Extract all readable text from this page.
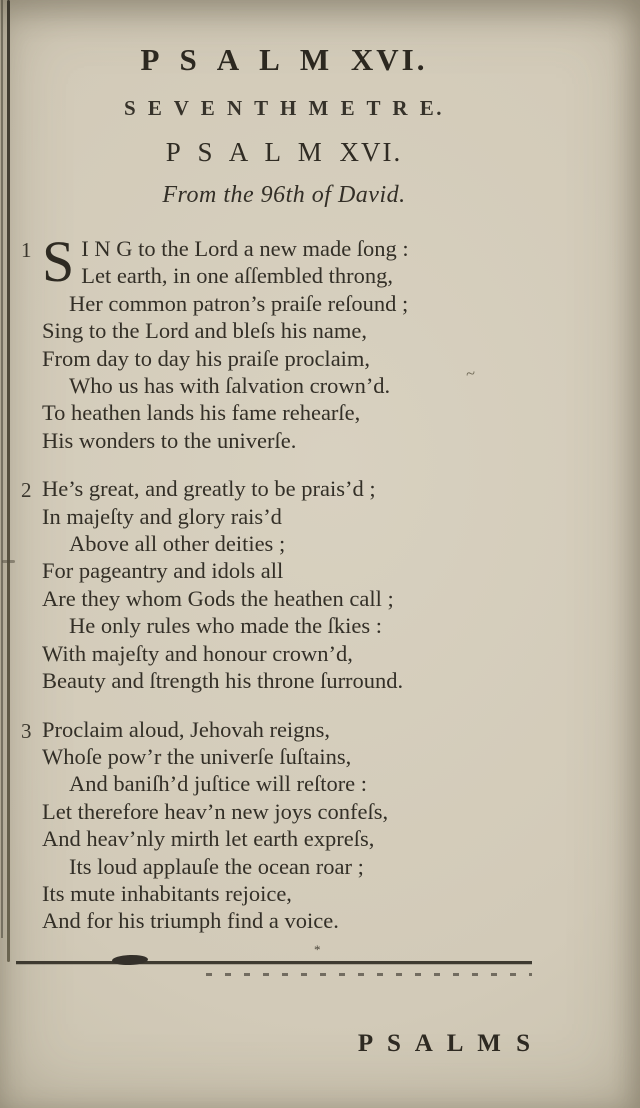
P S A L M XVI.
S E V E N T H M E T R E.
P S A L M XVI.
From the 96th of David.
1 S I N G to the Lord a new made ſong :
Let earth, in one aſſembled throng,
Her common patron’s praiſe reſound ;
Sing to the Lord and bleſs his name,
From day to day his praiſe proclaim,
Who us has with ſalvation crown’d.
To heathen lands his fame rehearſe,
His wonders to the univerſe.
2 He’s great, and greatly to be prais’d ;
In majeſty and glory rais’d
Above all other deities ;
For pageantry and idols all
Are they whom Gods the heathen call ;
He only rules who made the ſkies :
With majeſty and honour crown’d,
Beauty and ſtrength his throne ſurround.
3 Proclaim aloud, Jehovah reigns,
Whoſe pow’r the univerſe ſuſtains,
And baniſh’d juſtice will reſtore :
Let therefore heav’n new joys confeſs,
And heav’nly mirth let earth expreſs,
Its loud applauſe the ocean roar ;
Its mute inhabitants rejoice,
And for his triumph find a voice.
*
P S A L M S
~
